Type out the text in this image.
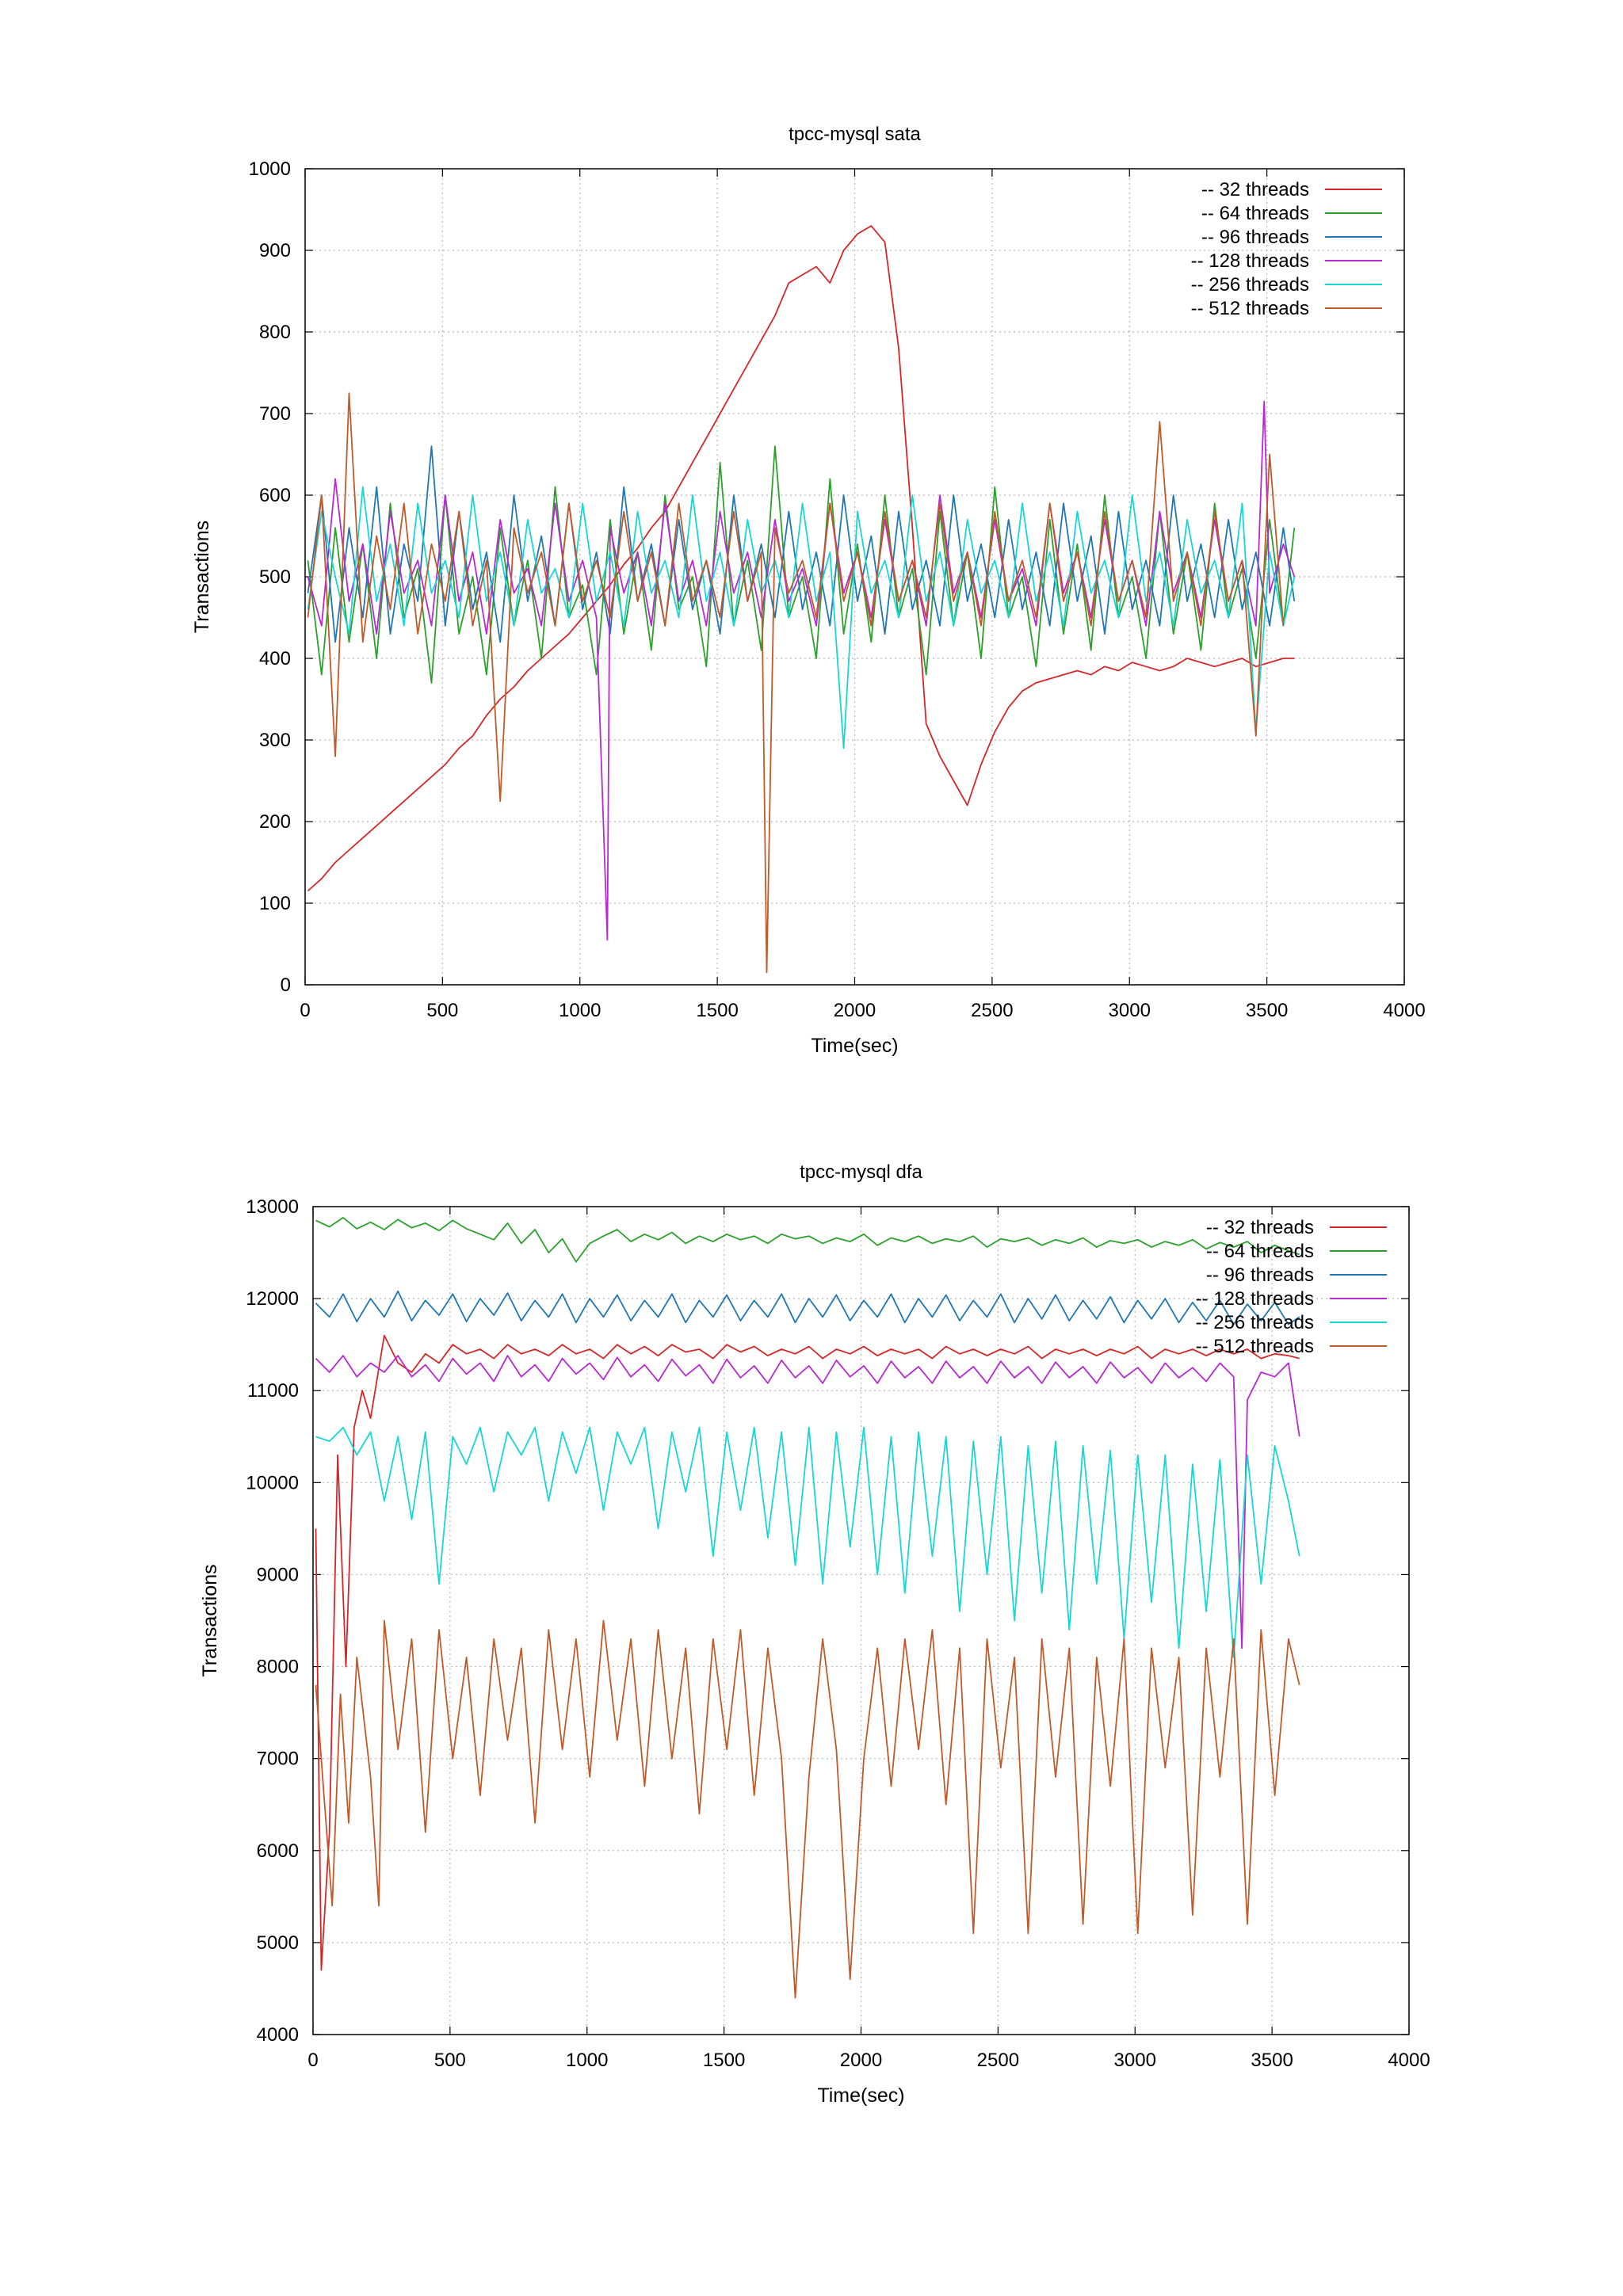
0	500	1000	1500	2000	2500	3000	3500	4000
0
100
200
300
400
500
600
700
800
900
1000
tpcc-mysql sata
Time(sec)
Transactions
-- 32 threads
-- 64 threads
-- 96 threads
-- 128 threads
-- 256 threads
-- 512 threads
0	500	1000	1500	2000	2500	3000	3500	4000
4000
5000
6000
7000
8000
9000
10000
11000
12000
13000
tpcc-mysql dfa
Time(sec)
Transactions
-- 32 threads
-- 64 threads
-- 96 threads
-- 128 threads
-- 256 threads
-- 512 threads
